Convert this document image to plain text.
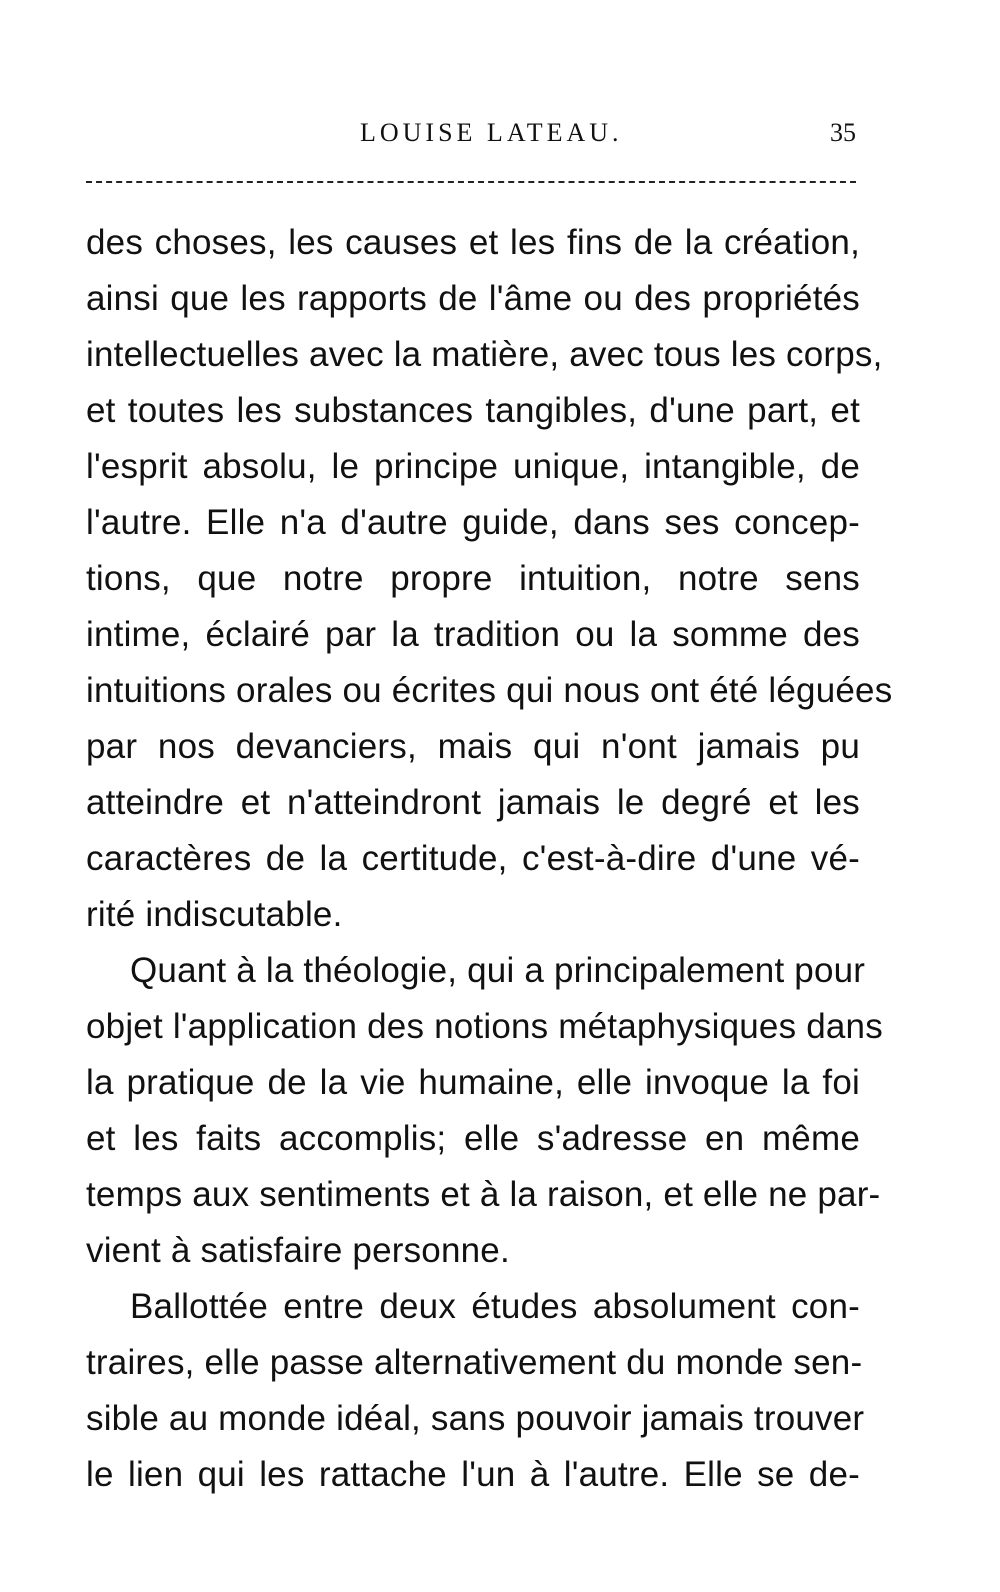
LOUISE LATEAU.	35
des choses, les causes et les fins de la création,
ainsi que les rapports de l'âme ou des propriétés
intellectuelles avec la matière, avec tous les corps,
et toutes les substances tangibles, d'une part, et
l'esprit absolu, le principe unique, intangible, de
l'autre. Elle n'a d'autre guide, dans ses concep-
tions, que notre propre intuition, notre sens
intime, éclairé par la tradition ou la somme des
intuitions orales ou écrites qui nous ont été léguées
par nos devanciers, mais qui n'ont jamais pu
atteindre et n'atteindront jamais le degré et les
caractères de la certitude, c'est-à-dire d'une vé-
rité indiscutable.
Quant à la théologie, qui a principalement pour
objet l'application des notions métaphysiques dans
la pratique de la vie humaine, elle invoque la foi
et les faits accomplis; elle s'adresse en même
temps aux sentiments et à la raison, et elle ne par-
vient à satisfaire personne.
Ballottée entre deux études absolument con-
traires, elle passe alternativement du monde sen-
sible au monde idéal, sans pouvoir jamais trouver
le lien qui les rattache l'un à l'autre. Elle se de-
